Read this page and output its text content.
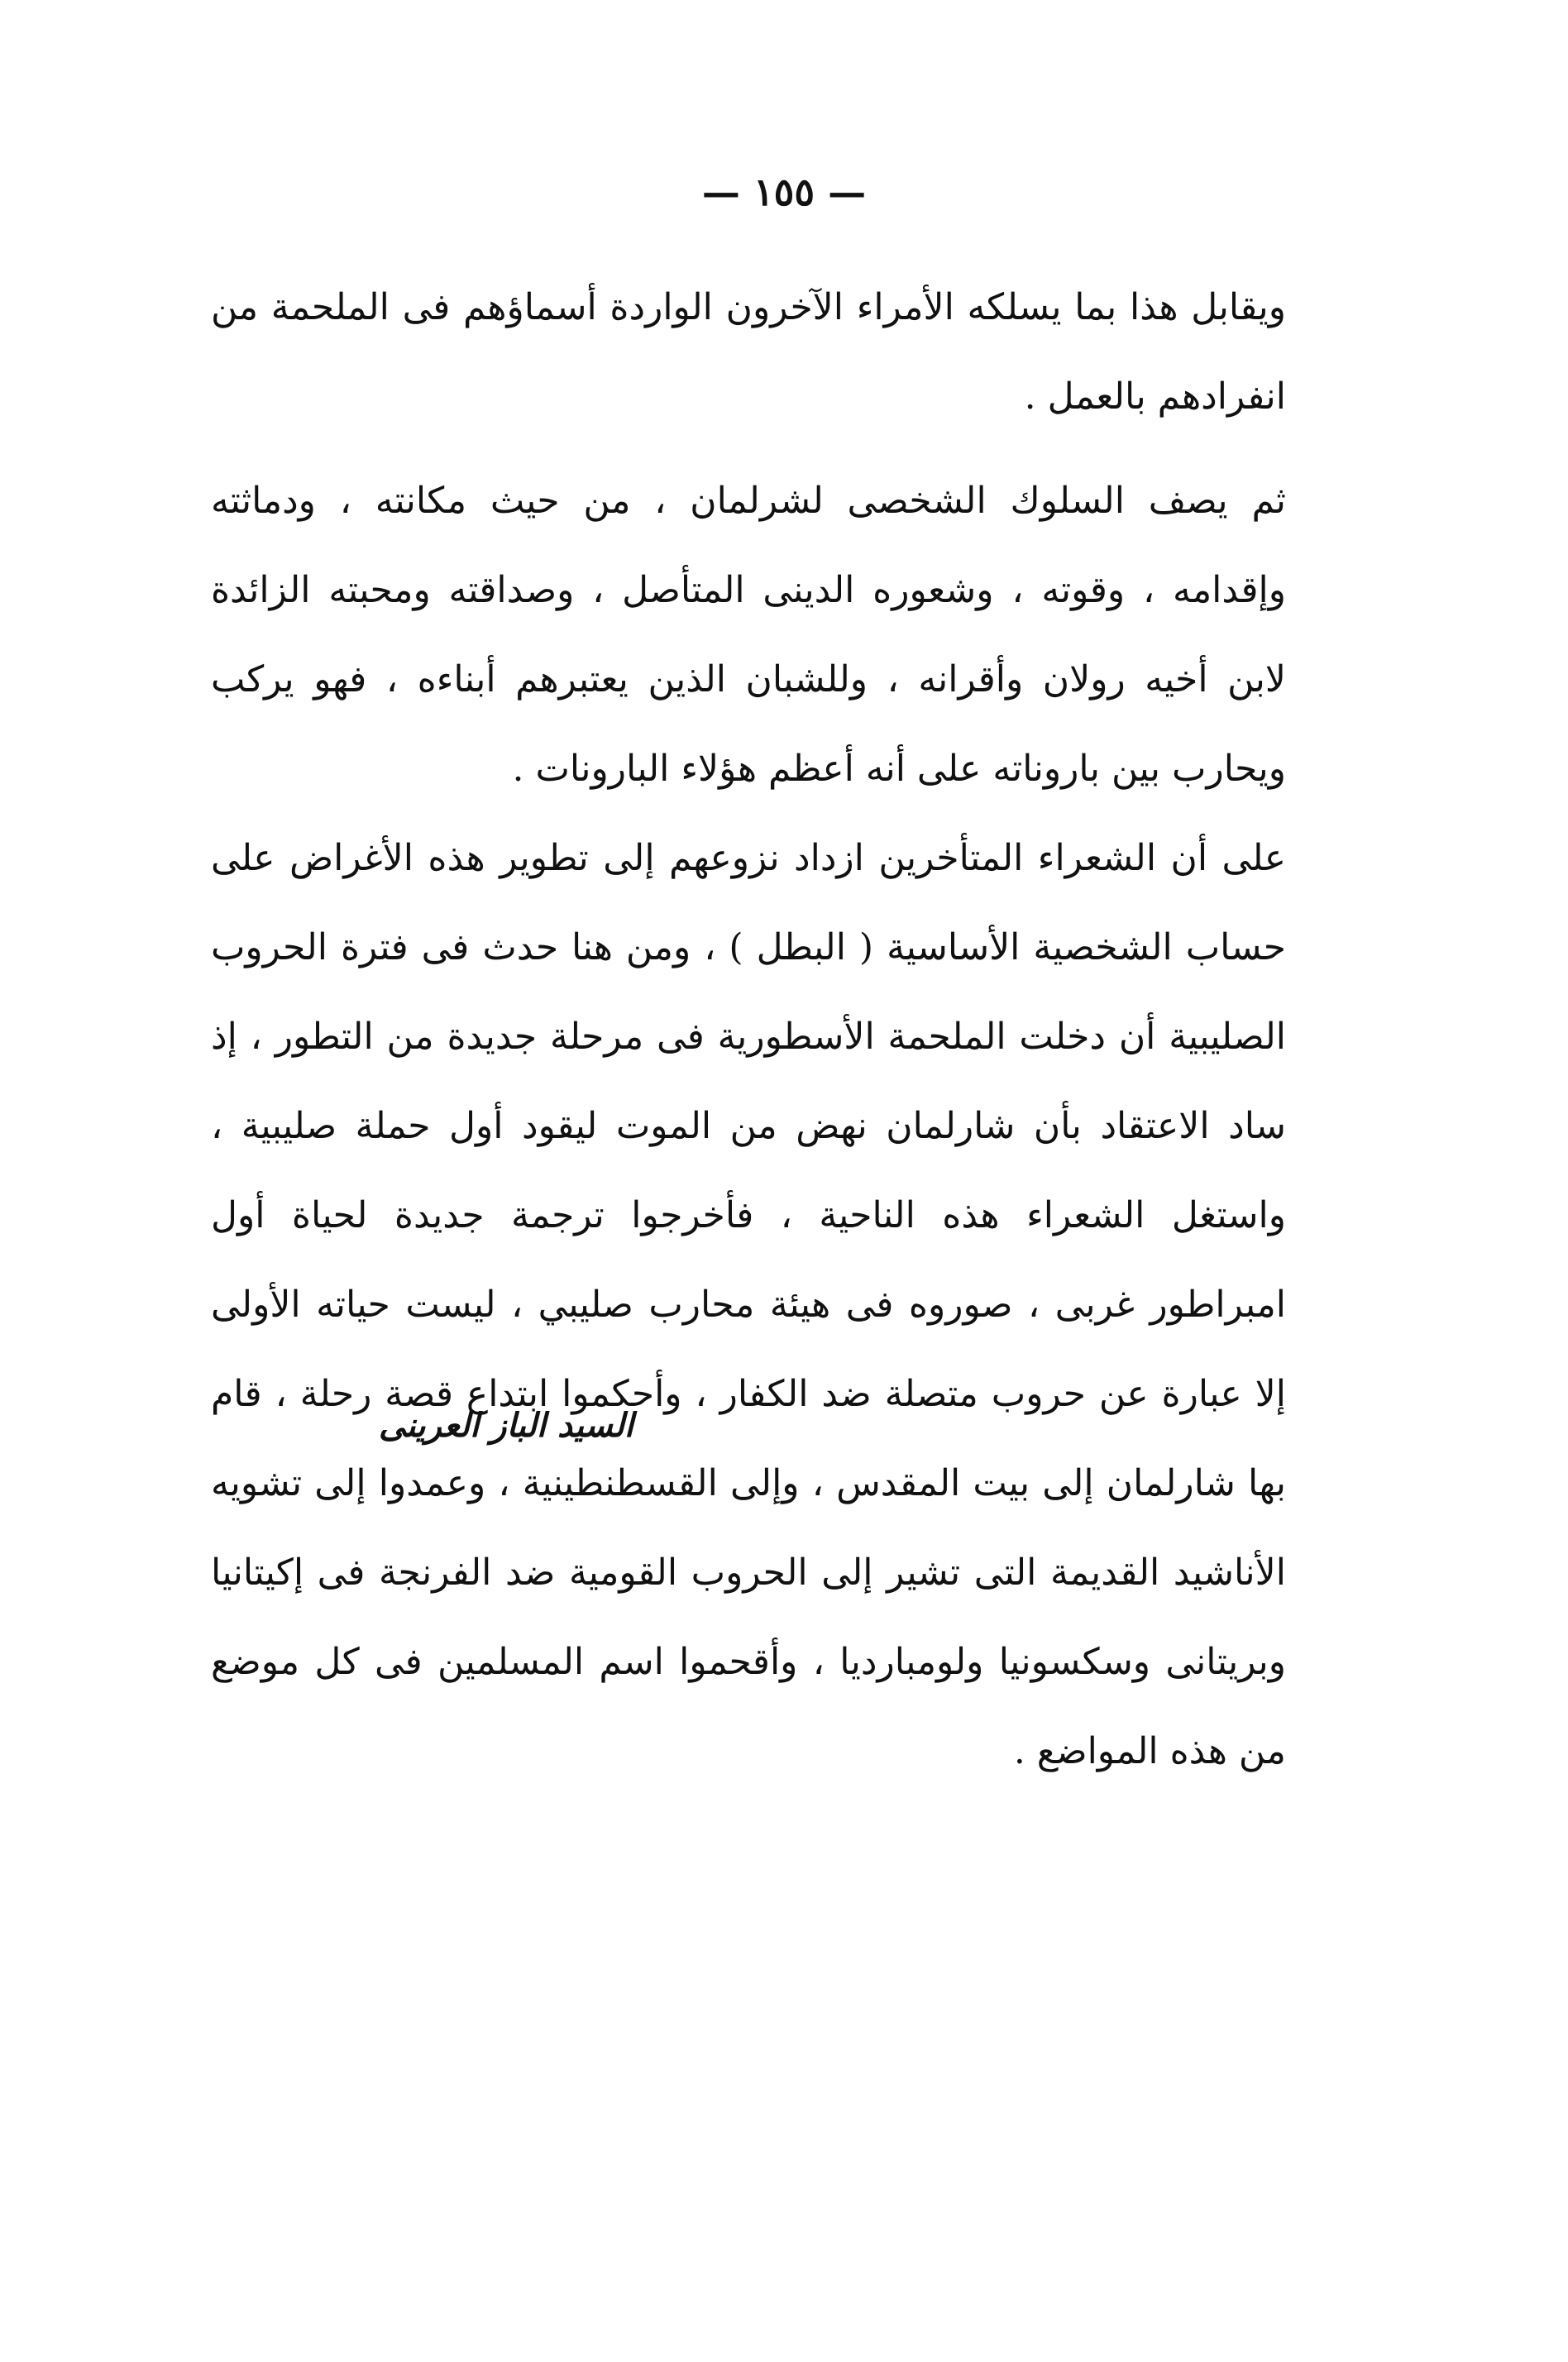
— ١٥٥ —

ويقابل هذا بما يسلكه الأمراء الآخرون الواردة أسماؤهم فى الملحمة من انفرادهم بالعمل .

ثم يصف السلوك الشخصى لشرلمان ، من حيث مكانته ، ودماثته وإقدامه ، وقوته ، وشعوره الدينى المتأصل ، وصداقته ومحبته الزائدة لابن أخيه رولان وأقرانه ، وللشبان الذين يعتبرهم أبناءه ، فهو يركب ويحارب بين باروناته على أنه أعظم هؤلاء البارونات .

على أن الشعراء المتأخرين ازداد نزوعهم إلى تطوير هذه الأغراض على حساب الشخصية الأساسية ( البطل ) ، ومن هنا حدث فى فترة الحروب الصليبية أن دخلت الملحمة الأسطورية فى مرحلة جديدة من التطور ، إذ ساد الاعتقاد بأن شارلمان نهض من الموت ليقود أول حملة صليبية ، واستغل الشعراء هذه الناحية ، فأخرجوا ترجمة جديدة لحياة أول امبراطور غربى ، صوروه فى هيئة محارب صليبي ، ليست حياته الأولى إلا عبارة عن حروب متصلة ضد الكفار ، وأحكموا ابتداع قصة رحلة ، قام بها شارلمان إلى بيت المقدس ، وإلى القسطنطينية ، وعمدوا إلى تشويه الأناشيد القديمة التى تشير إلى الحروب القومية ضد الفرنجة فى إكيتانيا وبريتانى وسكسونيا ولومبارديا ، وأقحموا اسم المسلمين فى كل موضع من هذه المواضع .

السيد الباز العرينى
